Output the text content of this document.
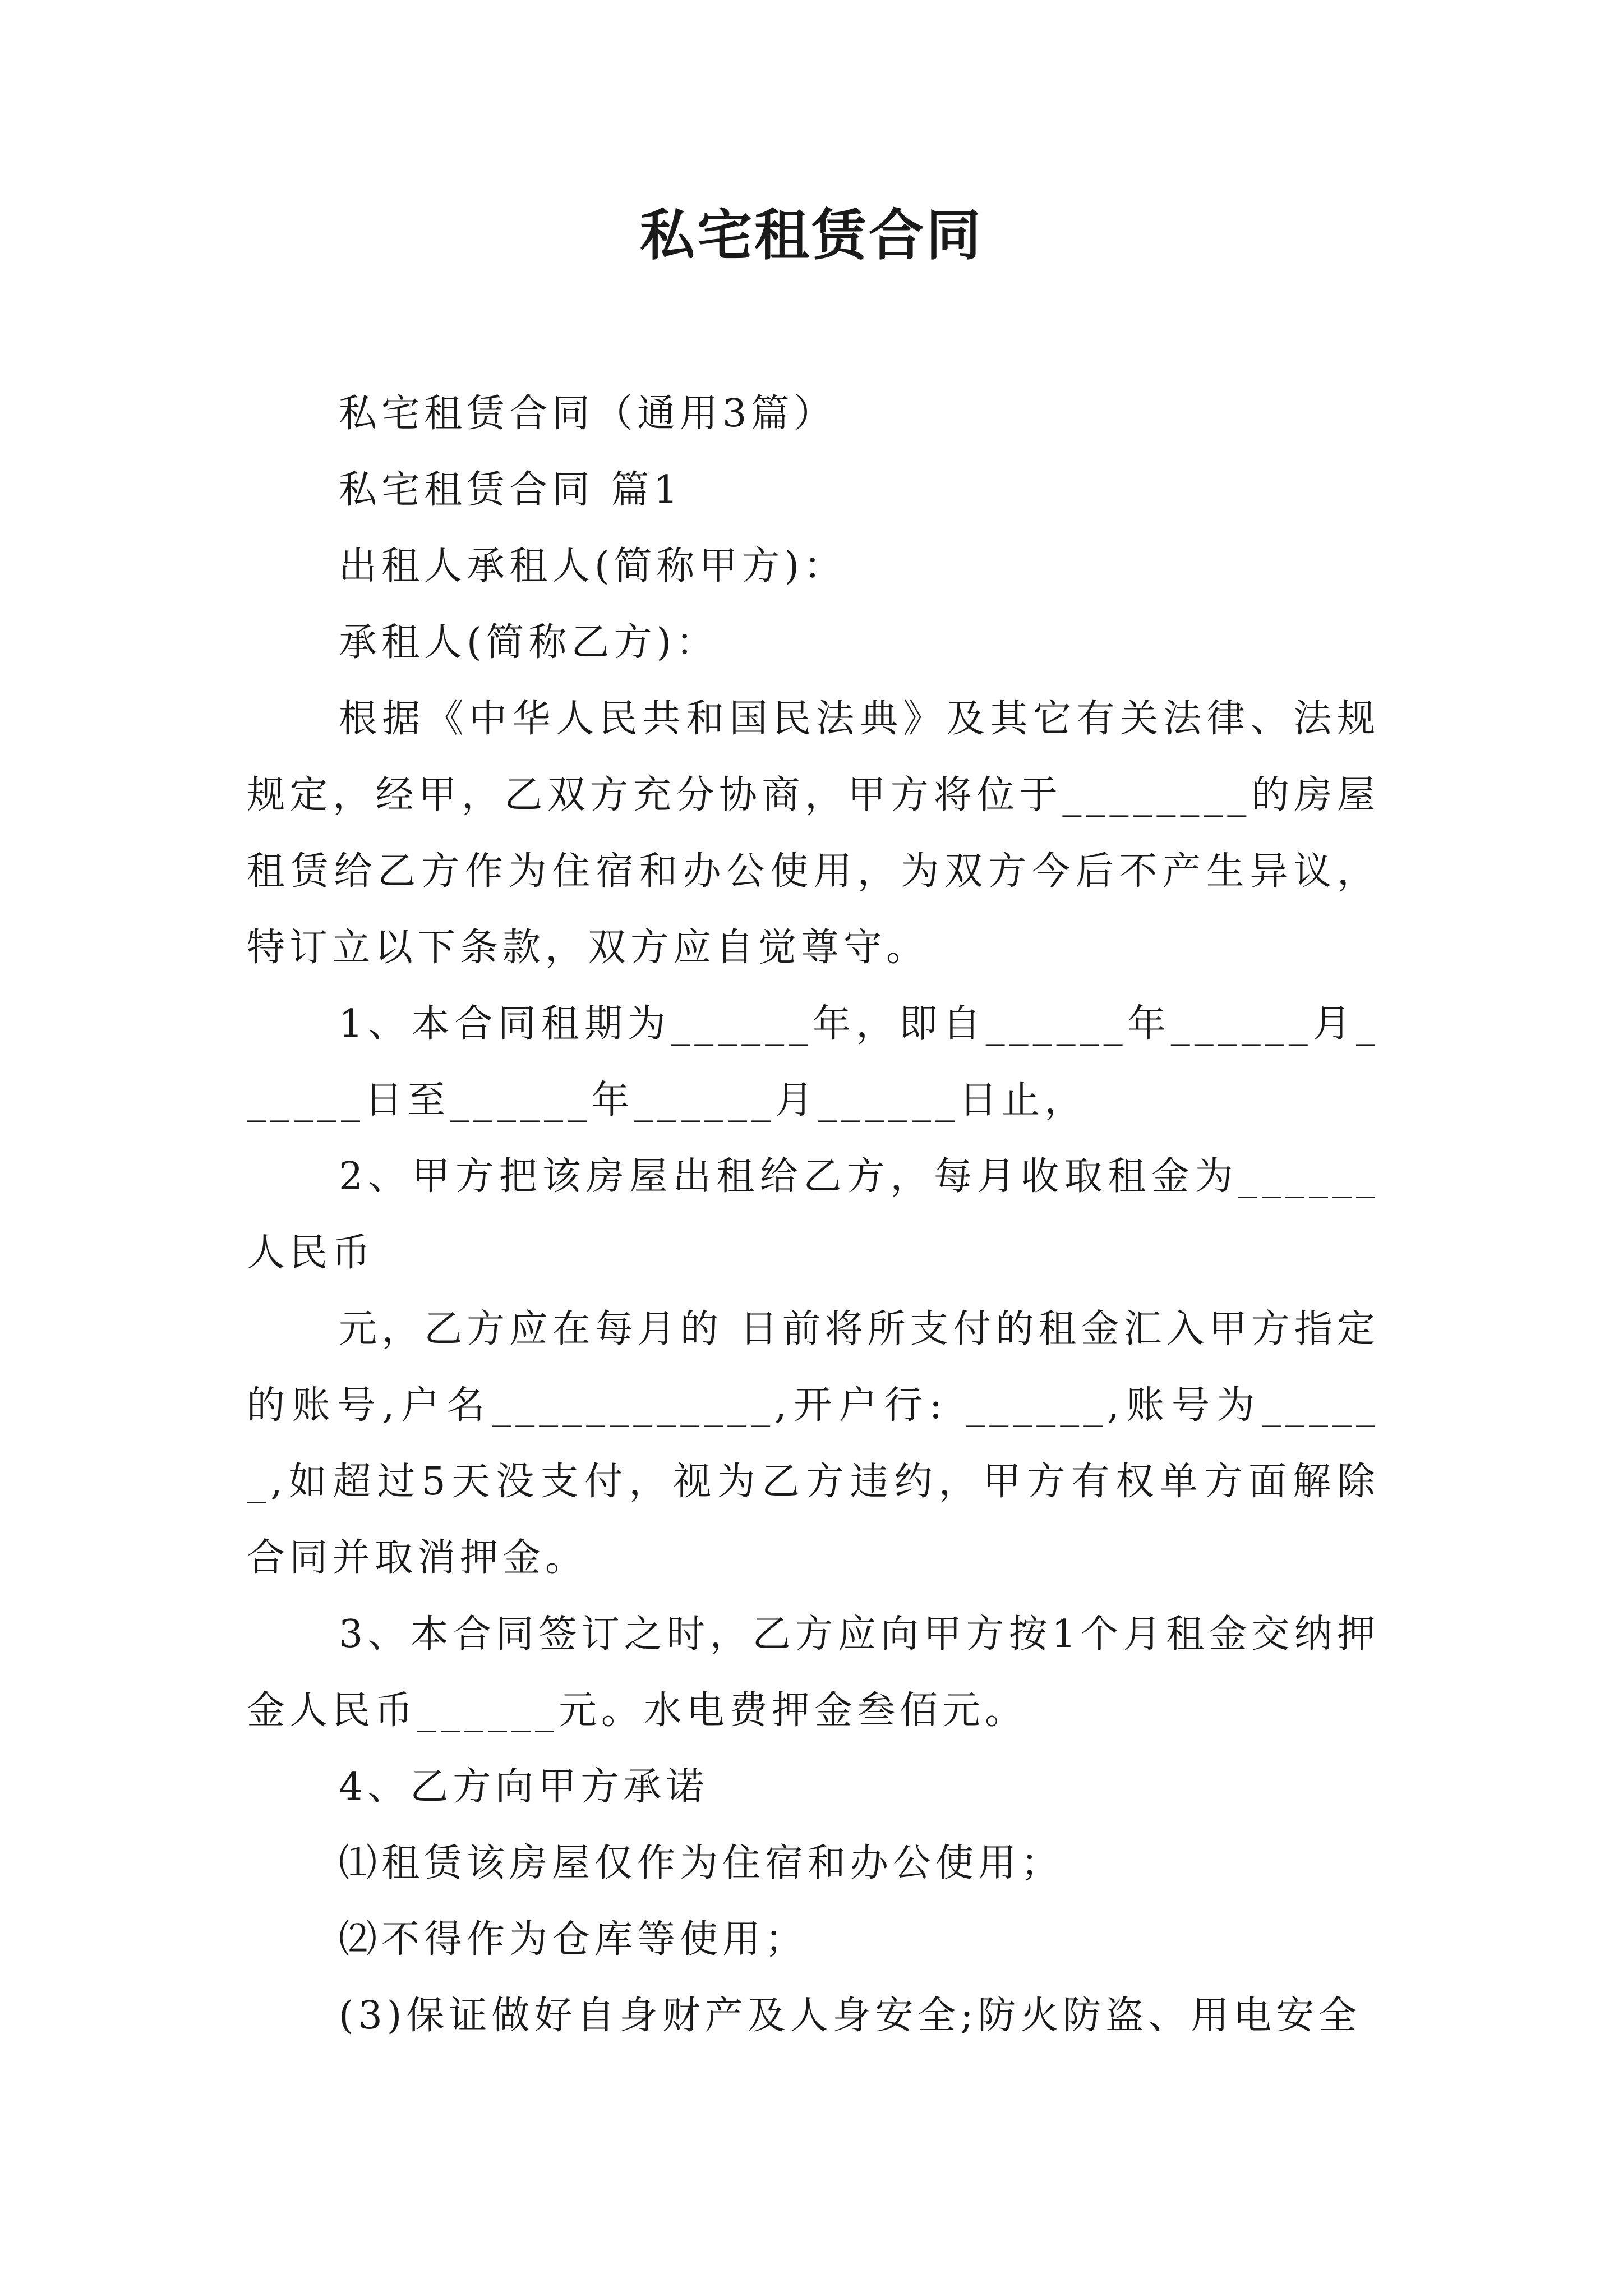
私宅租赁合同

私宅租赁合同（通用3篇）

私宅租赁合同 篇1

出租人承租人(简称甲方)：

承租人(简称乙方)：

根据《中华人民共和国民法典》及其它有关法律、法规规定，经甲，乙双方充分协商，甲方将位于________的房屋租赁给乙方作为住宿和办公使用，为双方今后不产生异议，特订立以下条款，双方应自觉尊守。

1、本合同租期为______年，即自______年______月______日至______年______月______日止，

2、甲方把该房屋出租给乙方，每月收取租金为______人民币

元，乙方应在每月的 日前将所支付的租金汇入甲方指定的账号,户名____________,开户行: ______,账号为______,如超过5天没支付，视为乙方违约，甲方有权单方面解除合同并取消押金。

3、本合同签订之时，乙方应向甲方按1个月租金交纳押金人民币______元。水电费押金叁佰元。

4、乙方向甲方承诺

⑴租赁该房屋仅作为住宿和办公使用；

⑵不得作为仓库等使用；

(3)保证做好自身财产及人身安全;防火防盗、用电安全
